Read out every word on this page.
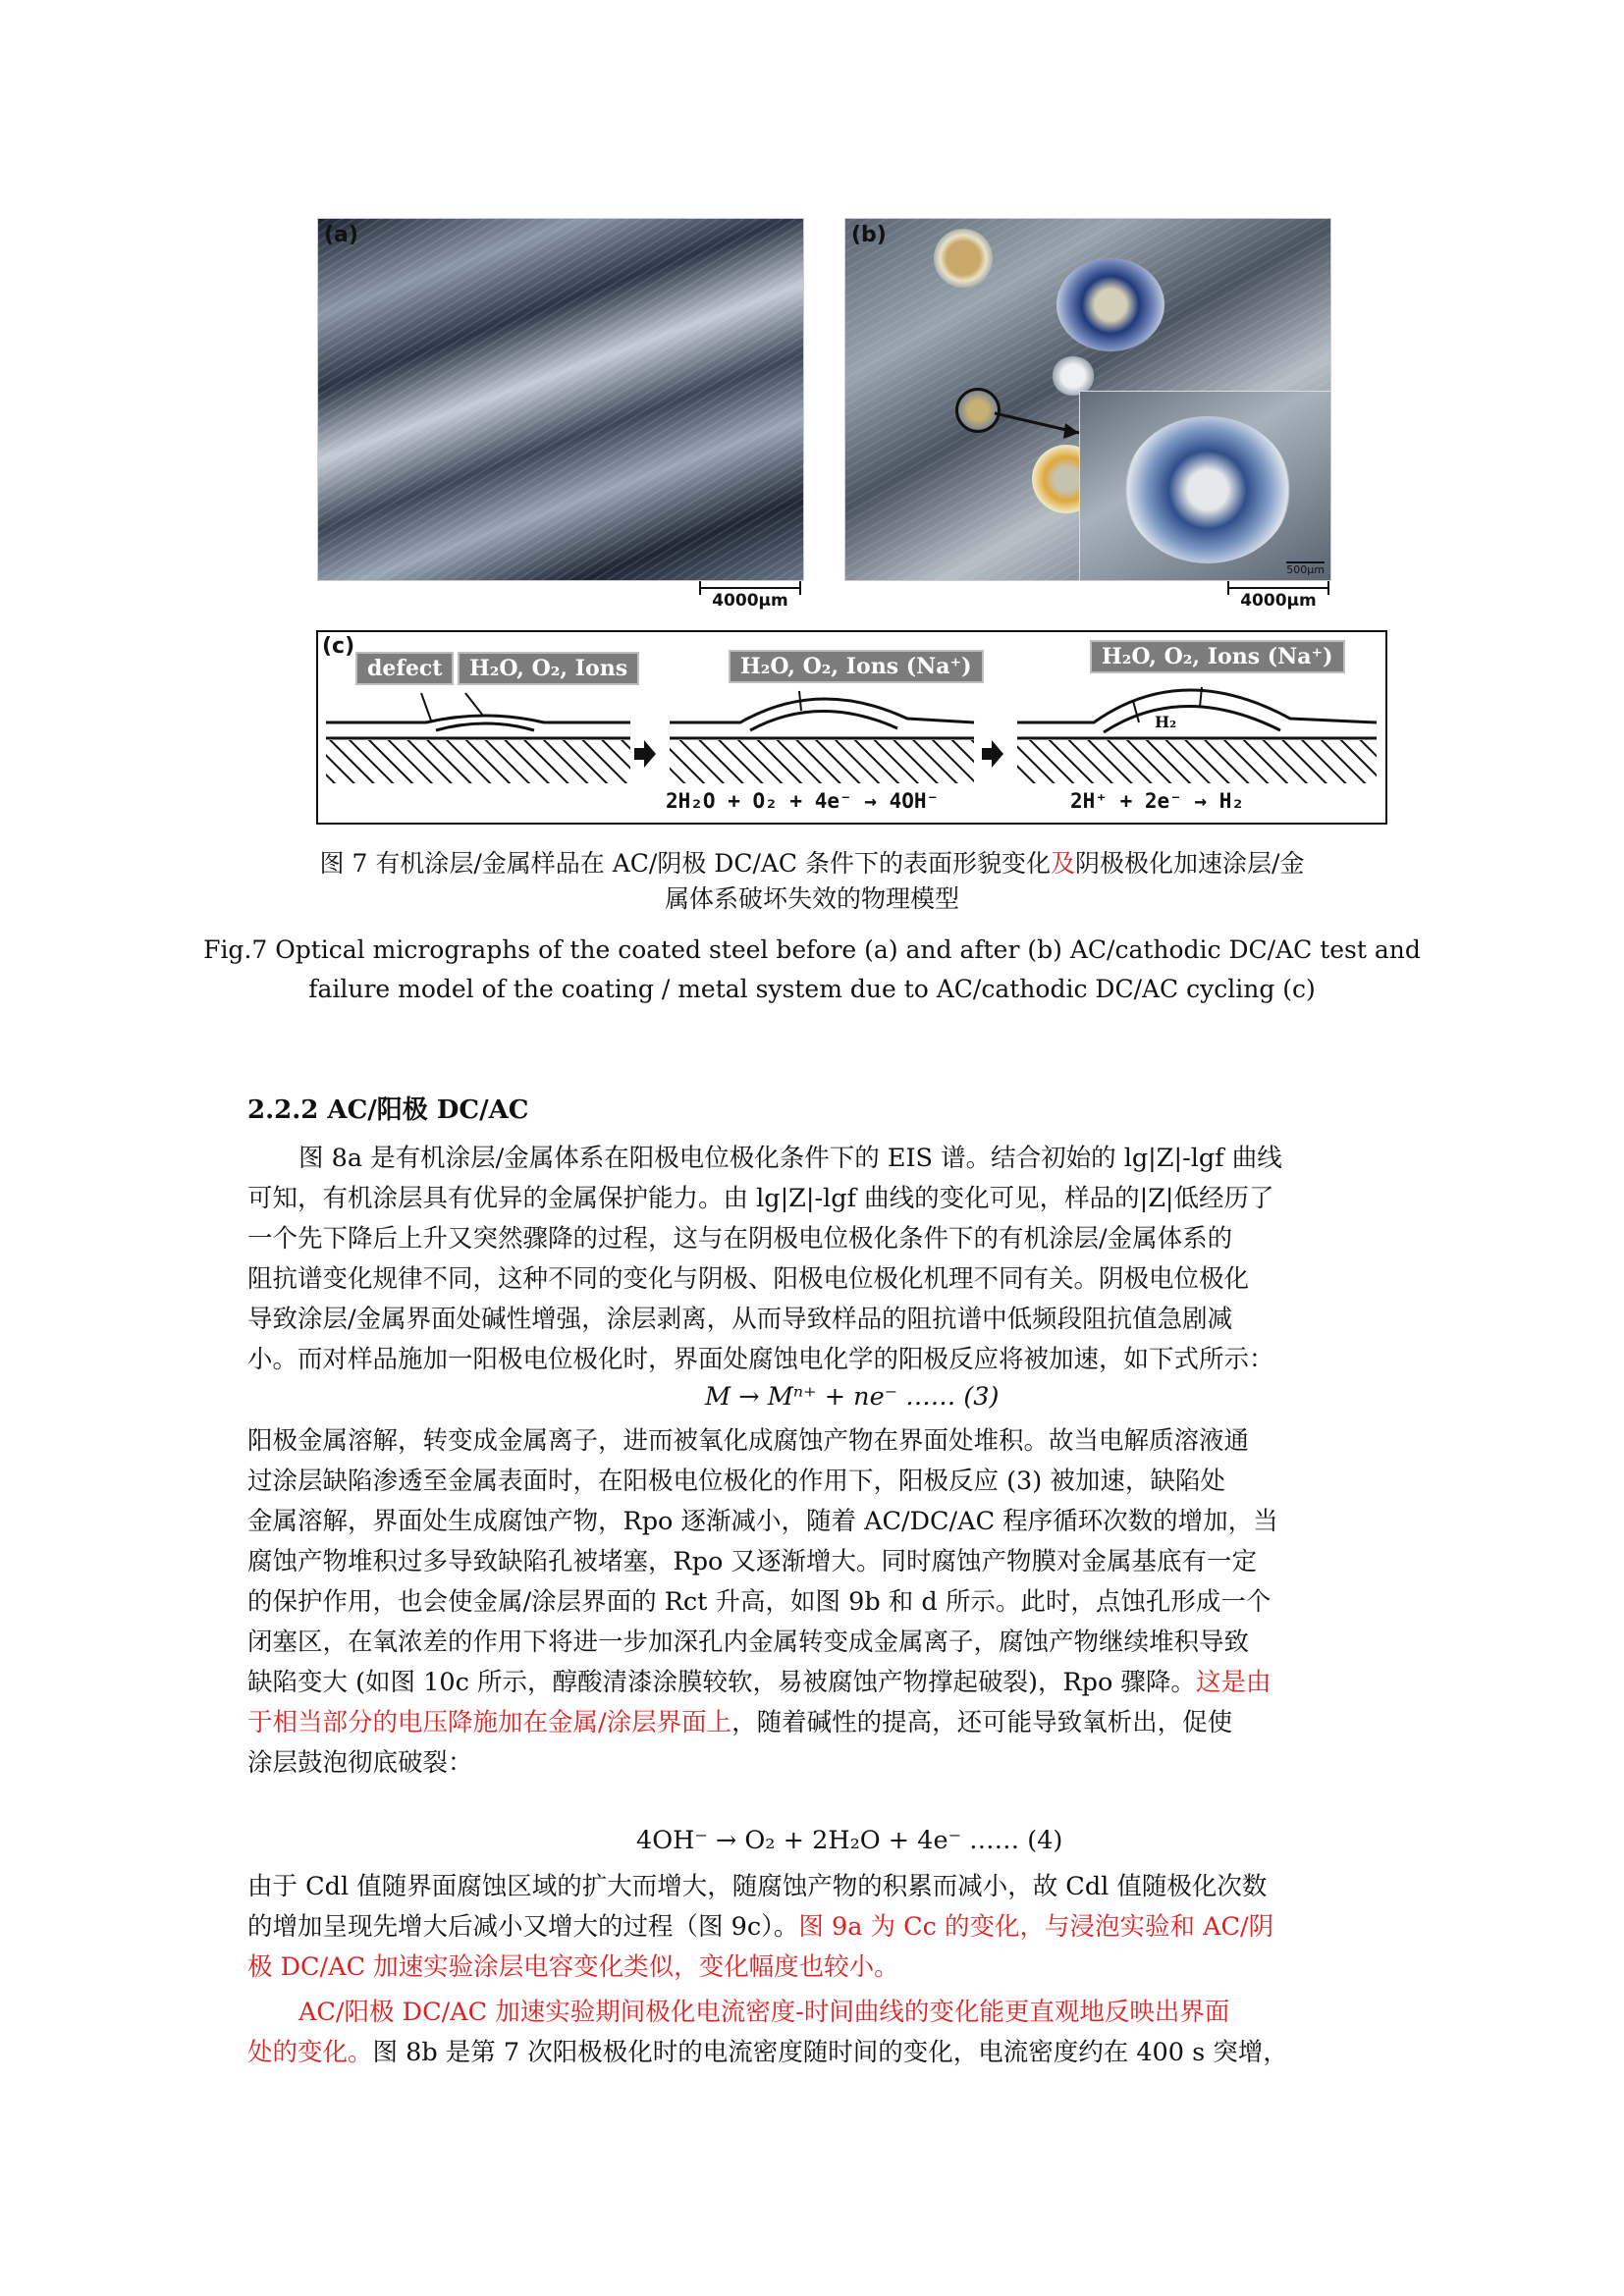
(a)
4000μm
(b)
500μm
4000μm
(c)
defect	H₂O, O₂, Ions	H₂O, O₂, Ions (Na⁺)	H₂O, O₂, Ions (Na⁺)
H₂
2H₂O + O₂ + 4e⁻ → 4OH⁻	2H⁺ + 2e⁻ → H₂
图 7 有机涂层/金属样品在 AC/阴极 DC/AC 条件下的表面形貌变化及阴极极化加速涂层/金
属体系破坏失效的物理模型
Fig.7 Optical micrographs of the coated steel before (a) and after (b) AC/cathodic DC/AC test and
failure model of the coating / metal system due to AC/cathodic DC/AC cycling (c)
2.2.2 AC/阳极 DC/AC
图 8a 是有机涂层/金属体系在阳极电位极化条件下的 EIS 谱。结合初始的 lg|Z|-lgf 曲线
可知，有机涂层具有优异的金属保护能力。由 lg|Z|-lgf 曲线的变化可见，样品的|Z|低经历了
一个先下降后上升又突然骤降的过程，这与在阴极电位极化条件下的有机涂层/金属体系的
阻抗谱变化规律不同，这种不同的变化与阴极、阳极电位极化机理不同有关。阴极电位极化
导致涂层/金属界面处碱性增强，涂层剥离，从而导致样品的阻抗谱中低频段阻抗值急剧减
小。而对样品施加一阳极电位极化时，界面处腐蚀电化学的阳极反应将被加速，如下式所示：
M → Mⁿ⁺ + ne⁻ …… (3)
阳极金属溶解，转变成金属离子，进而被氧化成腐蚀产物在界面处堆积。故当电解质溶液通
过涂层缺陷渗透至金属表面时，在阳极电位极化的作用下，阳极反应 (3) 被加速，缺陷处
金属溶解，界面处生成腐蚀产物，Rpo 逐渐减小，随着 AC/DC/AC 程序循环次数的增加，当
腐蚀产物堆积过多导致缺陷孔被堵塞，Rpo 又逐渐增大。同时腐蚀产物膜对金属基底有一定
的保护作用，也会使金属/涂层界面的 Rct 升高，如图 9b 和 d 所示。此时，点蚀孔形成一个
闭塞区，在氧浓差的作用下将进一步加深孔内金属转变成金属离子，腐蚀产物继续堆积导致
缺陷变大 (如图 10c 所示，醇酸清漆涂膜较软，易被腐蚀产物撑起破裂)，Rpo 骤降。这是由
于相当部分的电压降施加在金属/涂层界面上，随着碱性的提高，还可能导致氧析出，促使
涂层鼓泡彻底破裂：
4OH⁻ → O₂ + 2H₂O + 4e⁻ …… (4)
由于 Cdl 值随界面腐蚀区域的扩大而增大，随腐蚀产物的积累而减小，故 Cdl 值随极化次数
的增加呈现先增大后减小又增大的过程（图 9c）。图 9a 为 Cc 的变化，与浸泡实验和 AC/阴
极 DC/AC 加速实验涂层电容变化类似，变化幅度也较小。
AC/阳极 DC/AC 加速实验期间极化电流密度-时间曲线的变化能更直观地反映出界面
处的变化。图 8b 是第 7 次阳极极化时的电流密度随时间的变化，电流密度约在 400 s 突增，
